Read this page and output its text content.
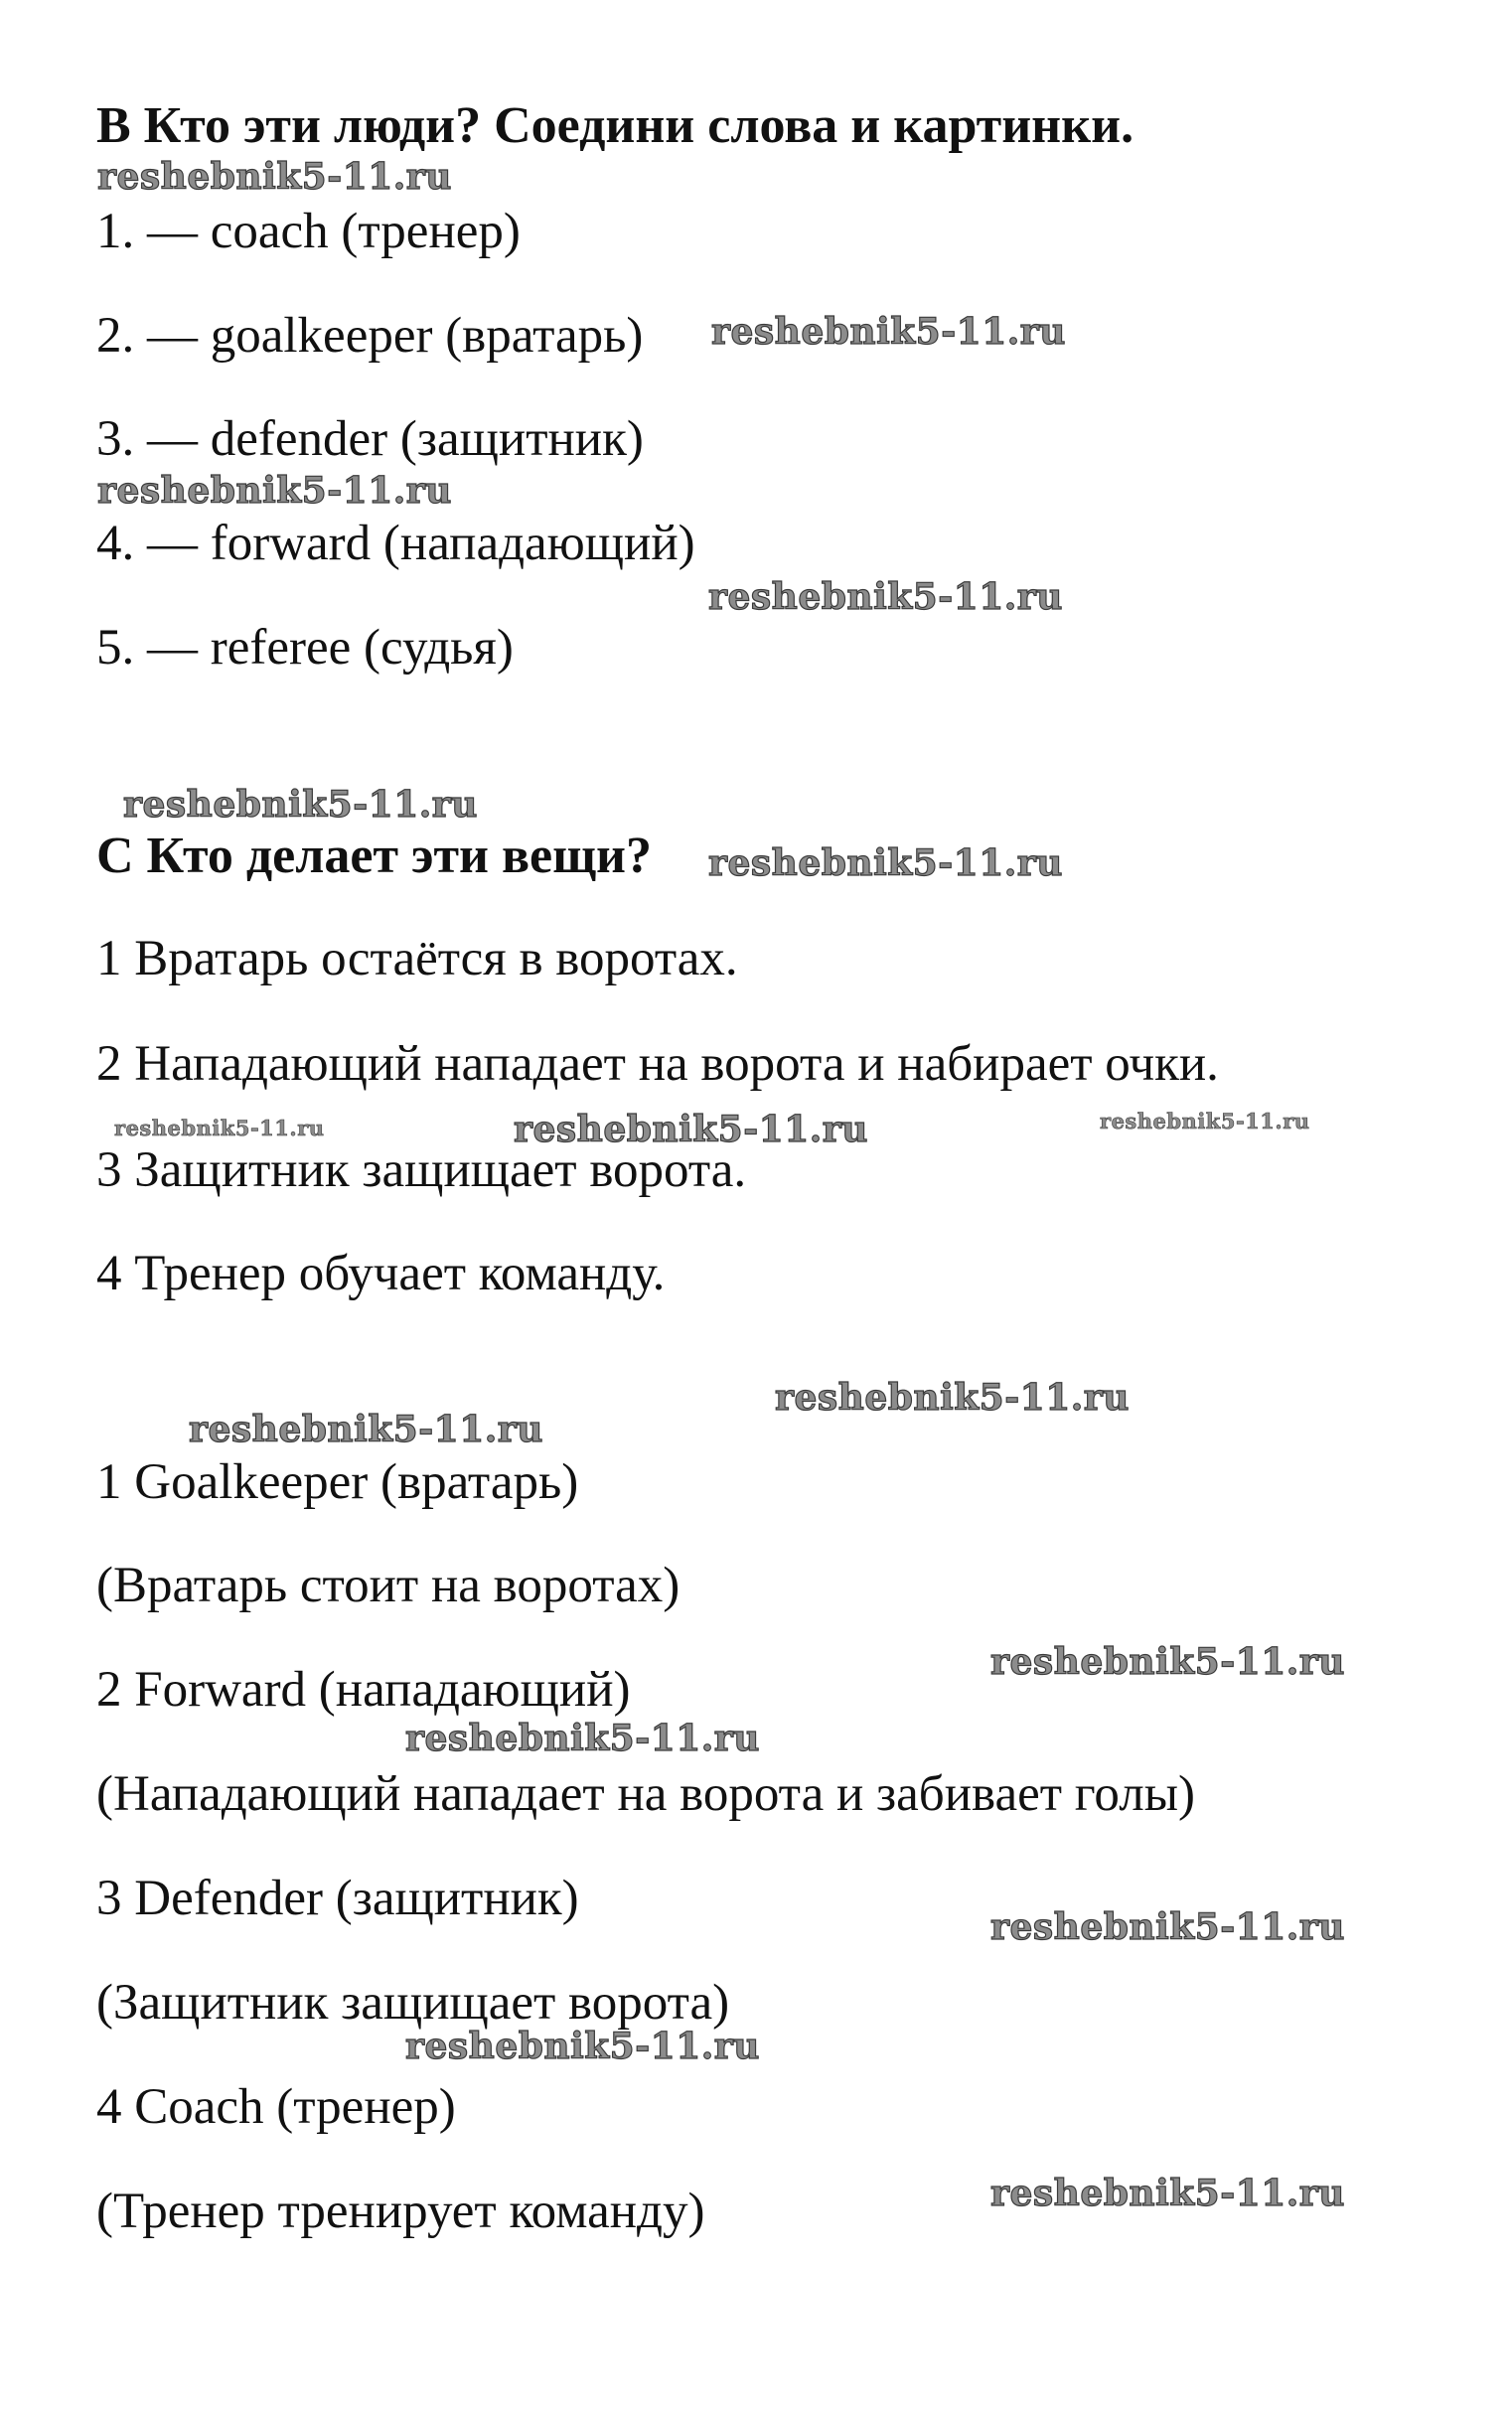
B Кто эти люди? Соедини слова и картинки.
1. — coach (тренер)
2. — goalkeeper (вратарь)
3. — defender (защитник)
4. — forward (нападающий)
5. — referee (судья)
C Кто делает эти вещи?
1 Вратарь остаётся в воротах.
2 Нападающий нападает на ворота и набирает очки.
3 Защитник защищает ворота.
4 Тренер обучает команду.
1 Goalkeeper (вратарь)
(Вратарь стоит на воротах)
2 Forward (нападающий)
(Нападающий нападает на ворота и забивает голы)
3 Defender (защитник)
(Защитник защищает ворота)
4 Coach (тренер)
(Тренер тренирует команду)
reshebnik5-11.ru
reshebnik5-11.ru
reshebnik5-11.ru
reshebnik5-11.ru
reshebnik5-11.ru
reshebnik5-11.ru
reshebnik5-11.ru	reshebnik5-11.ru	reshebnik5-11.ru
reshebnik5-11.ru
reshebnik5-11.ru
reshebnik5-11.ru
reshebnik5-11.ru
reshebnik5-11.ru
reshebnik5-11.ru
reshebnik5-11.ru
